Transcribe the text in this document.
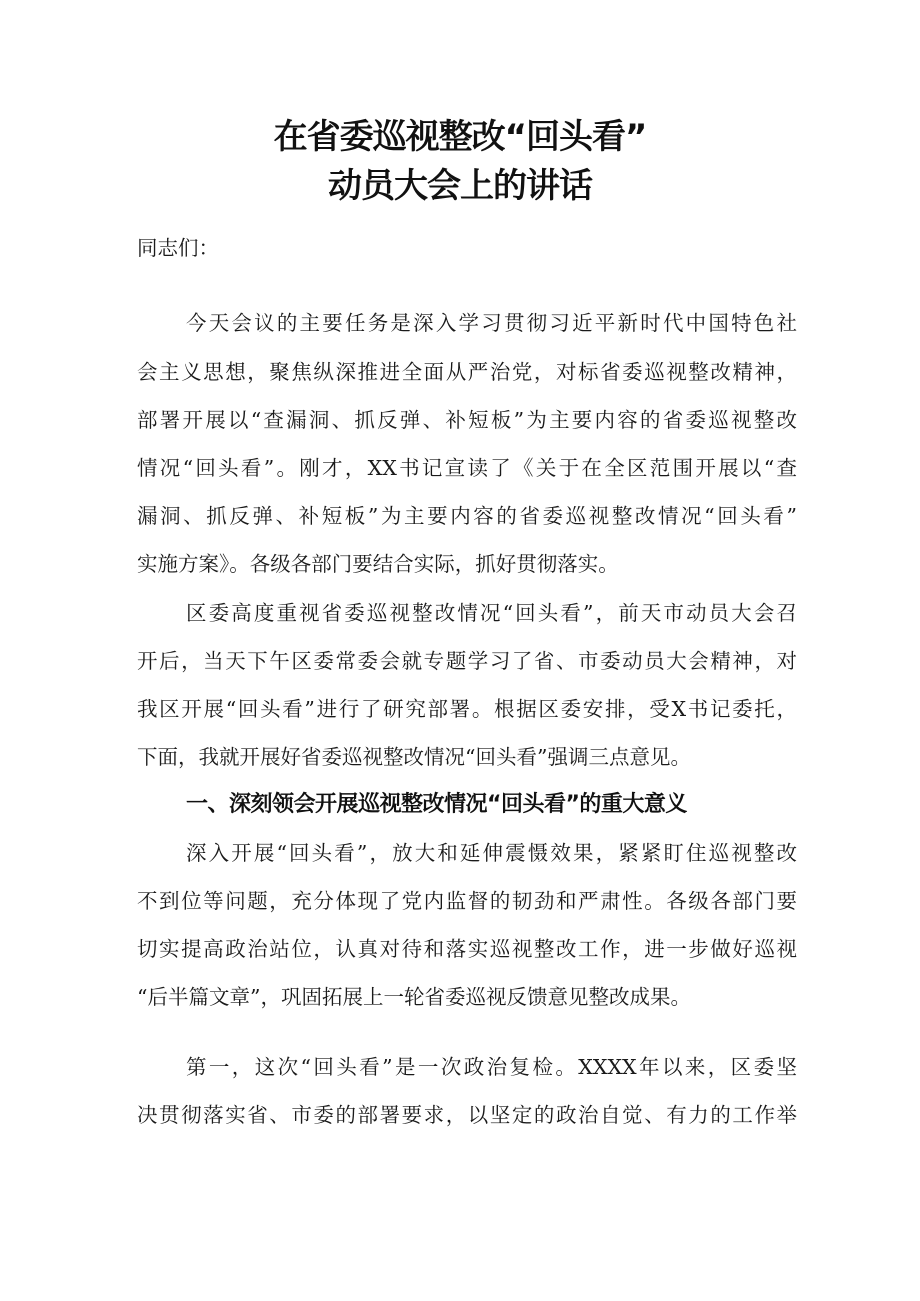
在省委巡视整改“回头看”
动员大会上的讲话

同志们：

今天会议的主要任务是深入学习贯彻习近平新时代中国特色社

会主义思想，聚焦纵深推进全面从严治党，对标省委巡视整改精神，

部署开展以“查漏洞、抓反弹、补短板”为主要内容的省委巡视整改

情况“回头看”。刚才，XX书记宣读了《关于在全区范围开展以“查

漏洞、抓反弹、补短板”为主要内容的省委巡视整改情况“回头看”

实施方案》。各级各部门要结合实际，抓好贯彻落实。

区委高度重视省委巡视整改情况“回头看”，前天市动员大会召

开后，当天下午区委常委会就专题学习了省、市委动员大会精神，对

我区开展“回头看”进行了研究部署。根据区委安排，受X书记委托，

下面，我就开展好省委巡视整改情况“回头看”强调三点意见。

一、深刻领会开展巡视整改情况“回头看”的重大意义

深入开展“回头看”，放大和延伸震慑效果，紧紧盯住巡视整改

不到位等问题，充分体现了党内监督的韧劲和严肃性。各级各部门要

切实提高政治站位，认真对待和落实巡视整改工作，进一步做好巡视

“后半篇文章”，巩固拓展上一轮省委巡视反馈意见整改成果。

第一，这次“回头看”是一次政治复检。XXXX年以来，区委坚

决贯彻落实省、市委的部署要求，以坚定的政治自觉、有力的工作举
